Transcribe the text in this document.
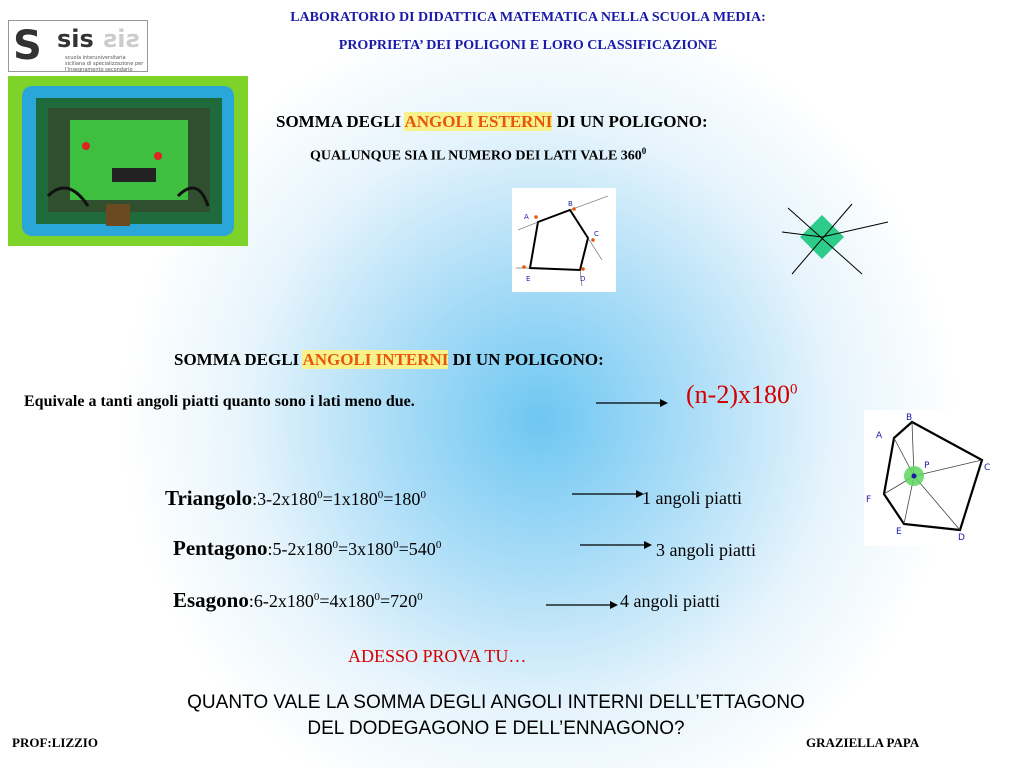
LABORATORIO DI DIDATTICA MATEMATICA NELLA SCUOLA MEDIA:
PROPRIETA’ DEI POLIGONI E LORO CLASSIFICAZIONE
S sis sis
scuola interuniversitaria siciliana di specializzazione per l'insegnamento secondario
SOMMA DEGLI ANGOLI ESTERNI DI UN POLIGONO:
QUALUNQUE SIA IL NUMERO DEI LATI VALE $360^0$
A
B
C
D
E
SOMMA DEGLI ANGOLI INTERNI DI UN POLIGONO:
Equivale a tanti angoli piatti quanto sono i lati meno due.	$(n-2)x180^0$
A
B
C
D
E
F
P
$Triangolo:3-2x180^0=1x180^0=180^0$	1 angoli piatti
$Pentagono:5-2x180^0=3x180^0=540^0$	3 angoli piatti
$Esagono:6-2x180^0=4x180^0=720^0$	4 angoli piatti
ADESSO PROVA TU…
QUANTO VALE LA SOMMA DEGLI ANGOLI INTERNI DELL’ETTAGONO
DEL DODEGAGONO E DELL’ENNAGONO?
PROF:LIZZIO	GRAZIELLA PAPA
